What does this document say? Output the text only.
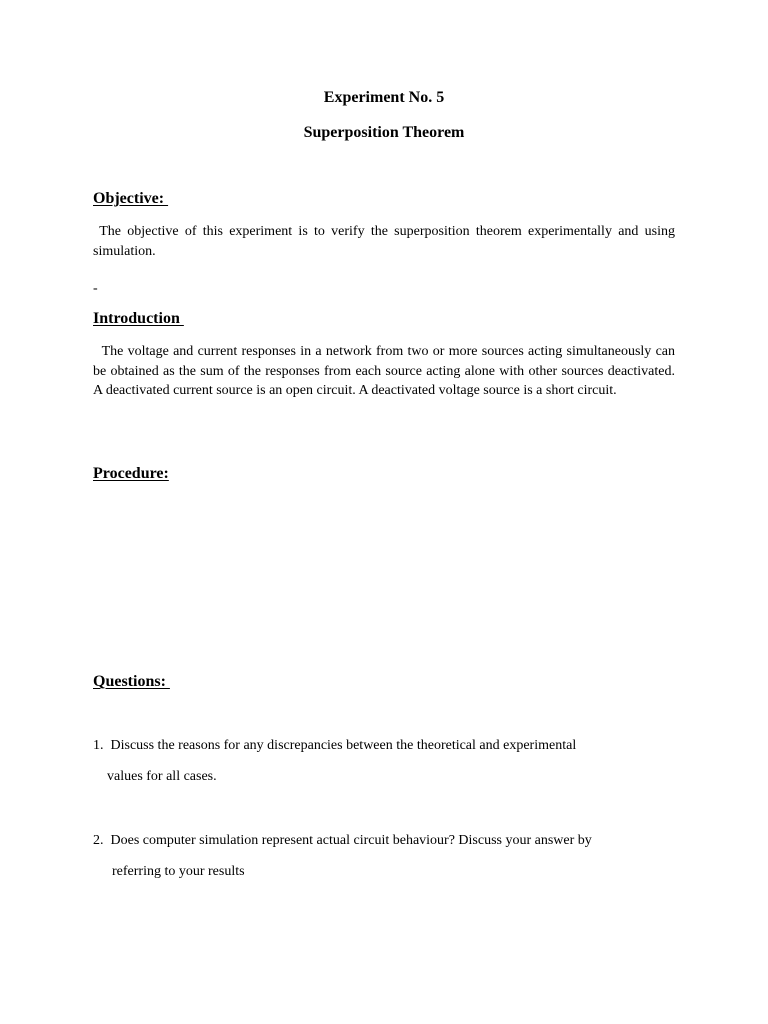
Experiment No. 5
Superposition Theorem
Objective:

The objective of this experiment is to verify the superposition theorem experimentally and using simulation.

-

Introduction

The voltage and current responses in a network from two or more sources acting simultaneously can be obtained as the sum of the responses from each source acting alone with other sources deactivated. A deactivated current source is an open circuit. A deactivated voltage source is a short circuit.

Procedure:
Questions:

1.  Discuss the reasons for any discrepancies between the theoretical and experimental

values for all cases.

2.  Does computer simulation represent actual circuit behaviour? Discuss your answer by

referring to your results
